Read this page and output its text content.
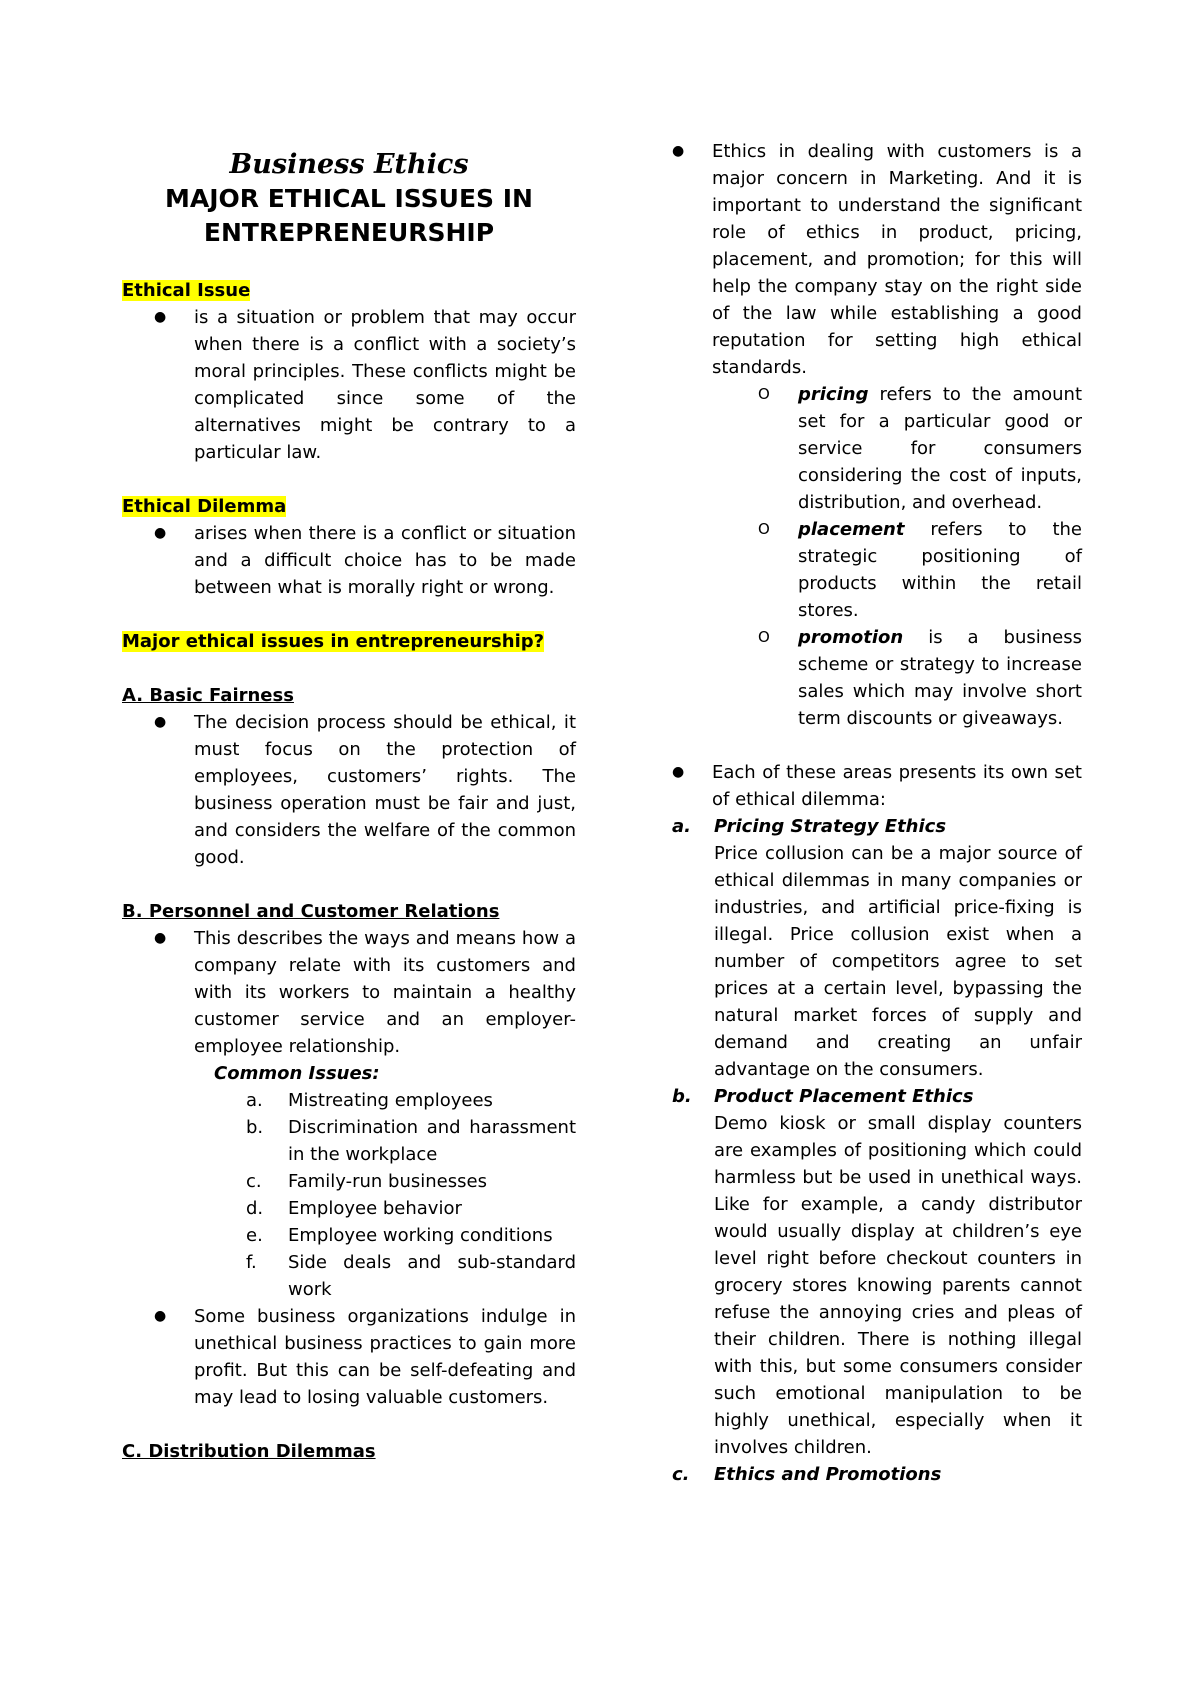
Business Ethics
MAJOR ETHICAL ISSUES IN ENTREPRENEURSHIP
Ethical Issue
●	is a situation or problem that may occur when there is a conflict with a society’s moral principles. These conflicts might be complicated since some of the alternatives might be contrary to a particular law.
Ethical Dilemma
●	arises when there is a conflict or situation and a difficult choice has to be made between what is morally right or wrong.
Major ethical issues in entrepreneurship?
A. Basic Fairness
●	The decision process should be ethical, it must focus on the protection of employees, customers’ rights. The business operation must be fair and just, and considers the welfare of the common good.
B. Personnel and Customer Relations
●	This describes the ways and means how a company relate with its customers and with its workers to maintain a healthy customer service and an employer- employee relationship.
Common Issues:
a.	Mistreating employees
b.	Discrimination and harassment in the workplace
c.	Family-run businesses
d.	Employee behavior
e.	Employee working conditions
f.	Side deals and sub-standard work
●	Some business organizations indulge in unethical business practices to gain more profit. But this can be self-defeating and may lead to losing valuable customers.
C. Distribution Dilemmas
●	Ethics in dealing with customers is a major concern in Marketing. And it is important to understand the significant role of ethics in product, pricing, placement, and promotion; for this will help the company stay on the right side of the law while establishing a good reputation for setting high ethical standards.
O	pricing refers to the amount set for a particular good or service for consumers considering the cost of inputs, distribution, and overhead.
O	placement refers to the strategic positioning of products within the retail stores.
O	promotion is a business scheme or strategy to increase sales which may involve short term discounts or giveaways.
●	Each of these areas presents its own set of ethical dilemma:
a.	Pricing Strategy Ethics
Price collusion can be a major source of ethical dilemmas in many companies or industries, and artificial price-fixing is illegal. Price collusion exist when a number of competitors agree to set prices at a certain level, bypassing the natural market forces of supply and demand and creating an unfair advantage on the consumers.
b.	Product Placement Ethics
Demo kiosk or small display counters are examples of positioning which could harmless but be used in unethical ways. Like for example, a candy distributor would usually display at children’s eye level right before checkout counters in grocery stores knowing parents cannot refuse the annoying cries and pleas of their children. There is nothing illegal with this, but some consumers consider such emotional manipulation to be highly unethical, especially when it involves children.
c.	Ethics and Promotions
